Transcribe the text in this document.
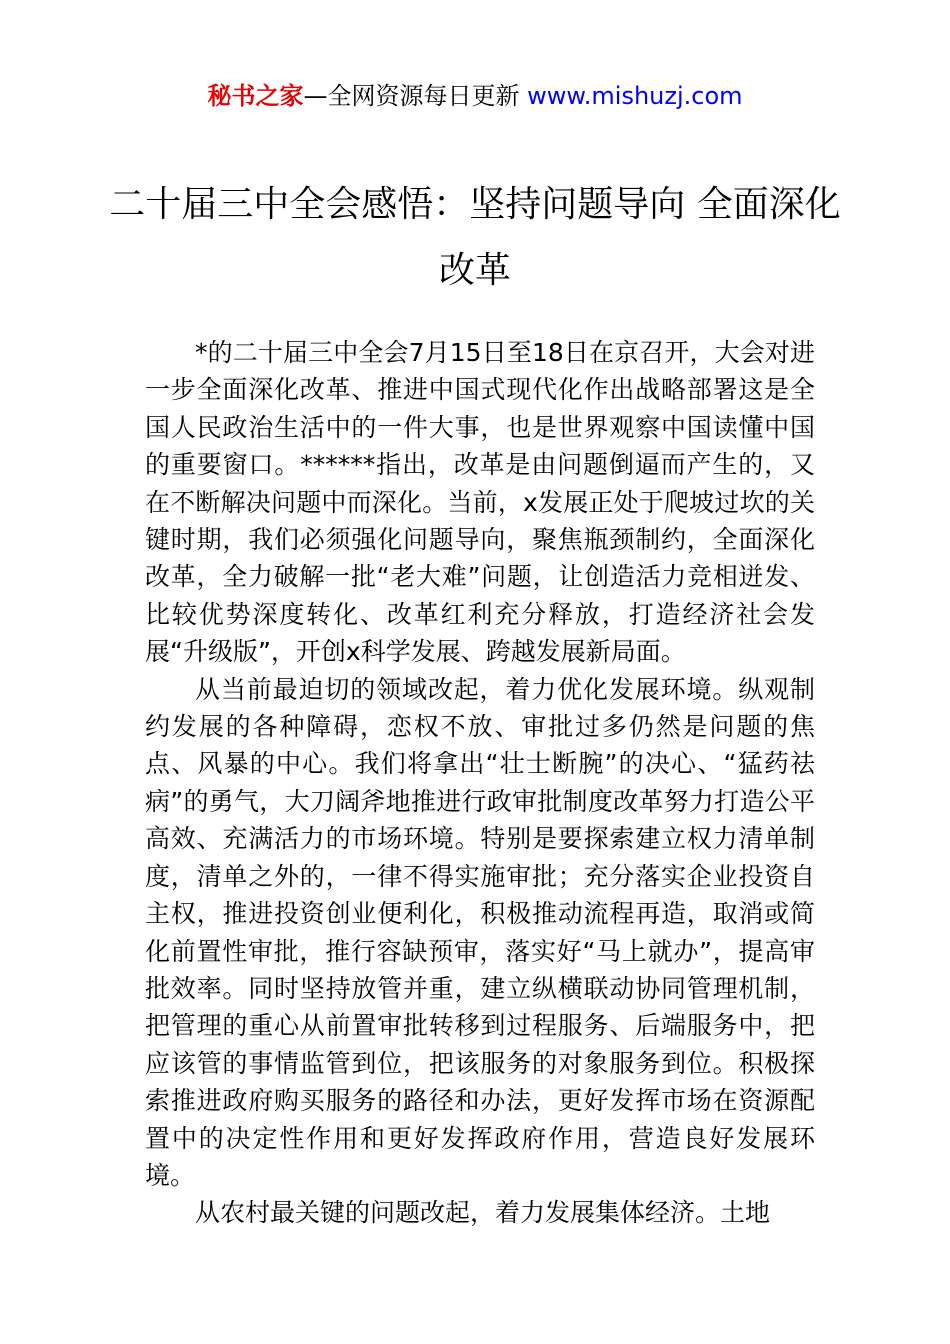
秘书之家—全网资源每日更新 www.mishuzj.com
二十届三中全会感悟：坚持问题导向 全面深化改革

*的二十届三中全会7月15日至18日在京召开，大会对进一步全面深化改革、推进中国式现代化作出战略部署这是全国人民政治生活中的一件大事，也是世界观察中国读懂中国的重要窗口。******指出，改革是由问题倒逼而产生的，又在不断解决问题中而深化。当前，x发展正处于爬坡过坎的关键时期，我们必须强化问题导向，聚焦瓶颈制约，全面深化改革，全力破解一批“老大难”问题，让创造活力竞相迸发、比较优势深度转化、改革红利充分释放，打造经济社会发展“升级版”，开创x科学发展、跨越发展新局面。

从当前最迫切的领域改起，着力优化发展环境。纵观制约发展的各种障碍，恋权不放、审批过多仍然是问题的焦点、风暴的中心。我们将拿出“壮士断腕”的决心、“猛药祛病”的勇气，大刀阔斧地推进行政审批制度改革努力打造公平高效、充满活力的市场环境。特别是要探索建立权力清单制度，清单之外的，一律不得实施审批；充分落实企业投资自主权，推进投资创业便利化，积极推动流程再造，取消或简化前置性审批，推行容缺预审，落实好“马上就办”，提高审批效率。同时坚持放管并重，建立纵横联动协同管理机制，把管理的重心从前置审批转移到过程服务、后端服务中，把应该管的事情监管到位，把该服务的对象服务到位。积极探索推进政府购买服务的路径和办法，更好发挥市场在资源配置中的决定性作用和更好发挥政府作用，营造良好发展环境。

从农村最关键的问题改起，着力发展集体经济。土地
